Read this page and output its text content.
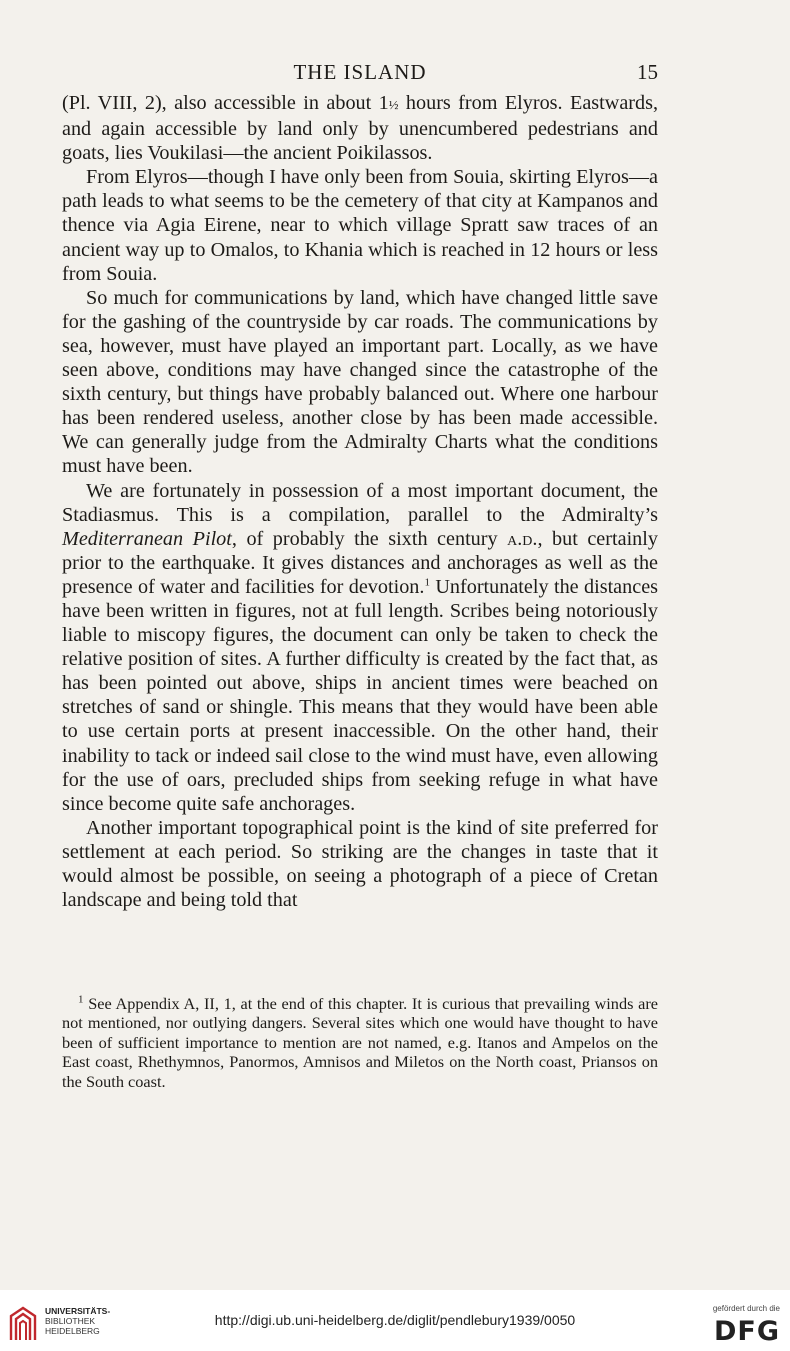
THE ISLAND	15

(Pl. VIII, 2), also accessible in about 1½ hours from Elyros. Eastwards, and again accessible by land only by unencumbered pedestrians and goats, lies Voukilasi—the ancient Poikilassos.

From Elyros—though I have only been from Souia, skirting Elyros—a path leads to what seems to be the cemetery of that city at Kampanos and thence via Agia Eirene, near to which village Spratt saw traces of an ancient way up to Omalos, to Khania which is reached in 12 hours or less from Souia.

So much for communications by land, which have changed little save for the gashing of the countryside by car roads. The communications by sea, however, must have played an important part. Locally, as we have seen above, conditions may have changed since the catastrophe of the sixth century, but things have probably balanced out. Where one harbour has been rendered useless, another close by has been made accessible. We can generally judge from the Admiralty Charts what the conditions must have been.

We are fortunately in possession of a most important document, the Stadiasmus. This is a compilation, parallel to the Admiralty’s Mediterranean Pilot, of probably the sixth century a.d., but certainly prior to the earthquake. It gives distances and anchorages as well as the presence of water and facilities for devotion.$^1$ Unfortunately the distances have been written in figures, not at full length. Scribes being notoriously liable to miscopy figures, the document can only be taken to check the relative position of sites. A further difficulty is created by the fact that, as has been pointed out above, ships in ancient times were beached on stretches of sand or shingle. This means that they would have been able to use certain ports at present inaccessible. On the other hand, their inability to tack or indeed sail close to the wind must have, even allowing for the use of oars, precluded ships from seeking refuge in what have since become quite safe anchorages.

Another important topographical point is the kind of site preferred for settlement at each period. So striking are the changes in taste that it would almost be possible, on seeing a photograph of a piece of Cretan landscape and being told that

$^1$ See Appendix A, II, 1, at the end of this chapter. It is curious that prevailing winds are not mentioned, nor outlying dangers. Several sites which one would have thought to have been of sufficient importance to mention are not named, e.g. Itanos and Ampelos on the East coast, Rhethymnos, Panormos, Amnisos and Miletos on the North coast, Priansos on the South coast.

UNIVERSITÄTS-
BIBLIOTHEK
HEIDELBERG
http://digi.ub.uni-heidelberg.de/diglit/pendlebury1939/0050
gefördert durch die
DFG
